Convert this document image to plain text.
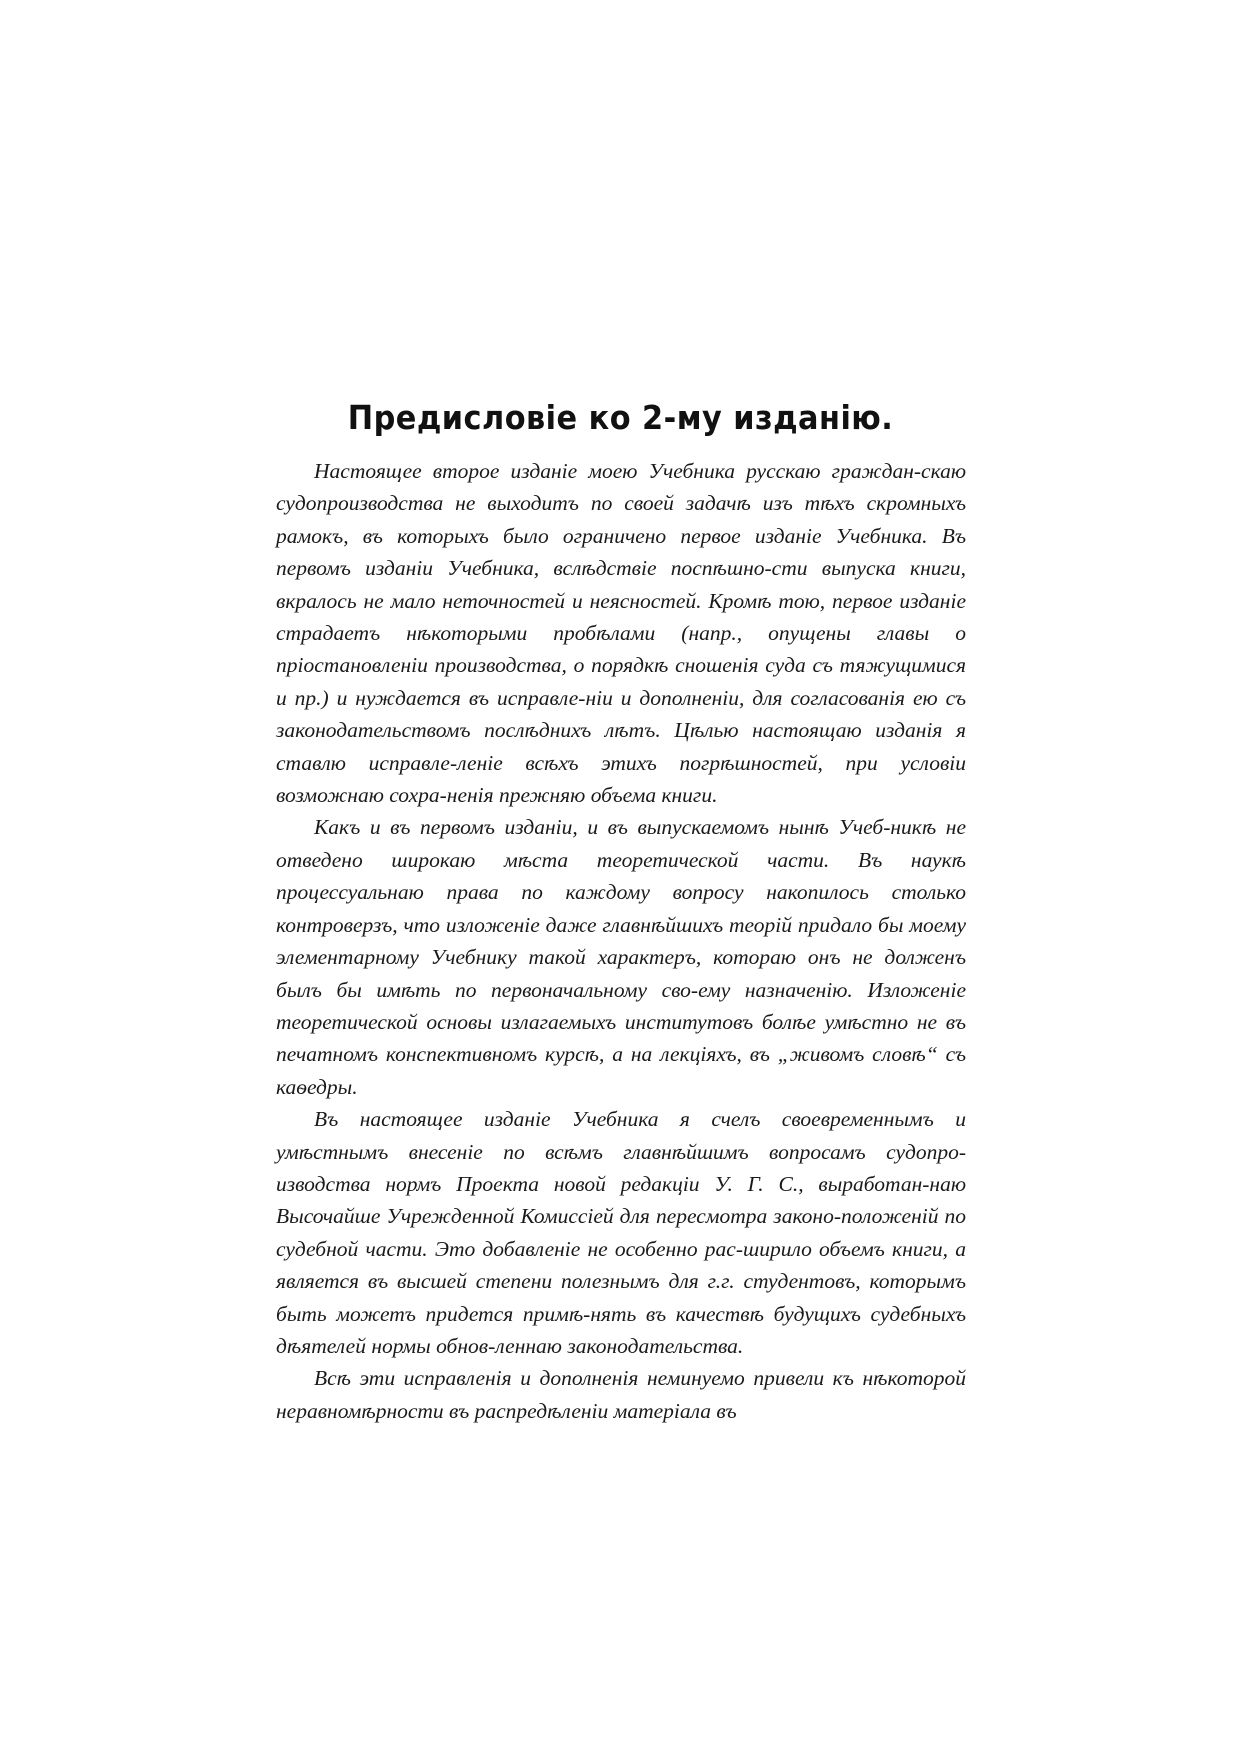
Предисловіе ко 2-му изданію.

Настоящее второе изданіе моею Учебника русскаю граждан-скаю судопроизводства не выходитъ по своей задачѣ изъ тѣхъ скромныхъ рамокъ, въ которыхъ было ограничено первое изданіе Учебника. Въ первомъ изданіи Учебника, вслѣдствіе поспѣшно-сти выпуска книги, вкралось не мало неточностей и неясностей. Кромѣ тою, первое изданіе страдаетъ нѣкоторыми пробѣлами (напр., опущены главы о пріостановленіи производства, о порядкѣ сношенія суда съ тяжущимися и пр.) и нуждается въ исправле-ніи и дополненіи, для согласованія ею съ законодательствомъ послѣднихъ лѣтъ. Цѣлью настоящаю изданія я ставлю исправле-ленiе всѣхъ этихъ погрѣшностей, при условіи возможнаю сохра-ненія прежняю объема книги.

Какъ и въ первомъ изданіи, и въ выпускаемомъ нынѣ Учеб-никѣ не отведено широкаю мѣста теоретической части. Въ наукѣ процессуальнаю права по каждому вопросу накопилось столько контроверзъ, что изложеніе даже главнѣйшихъ теорій придало бы моему элементарному Учебнику такой характеръ, котораю онъ не долженъ былъ бы имѣть по первоначальному сво-ему назначенію. Изложеніе теоретической основы излагаемыхъ институтовъ болѣе умѣстно не въ печатномъ конспективномъ курсѣ, а на лекціяхъ, въ „живомъ словѣ“ съ каѳедры.

Въ настоящее изданіе Учебника я счелъ своевременнымъ и умѣстнымъ внесеніе по всѣмъ главнѣйшимъ вопросамъ судопро-изводства нормъ Проекта новой редакціи У. Г. С., выработан-наю Высочайше Учрежденной Комиссіей для пересмотра законо-положеній по судебной части. Это добавленіе не особенно рас-ширило объемъ книги, а является въ высшей степени полезнымъ для г.г. студентовъ, которымъ быть можетъ придется примѣ-нять въ качествѣ будущихъ судебныхъ дѣятелей нормы обнов-леннаю законодательства.

Всѣ эти исправленія и дополненія неминуемо привели къ нѣкоторой неравномѣрности въ распредѣленіи матеріала въ
